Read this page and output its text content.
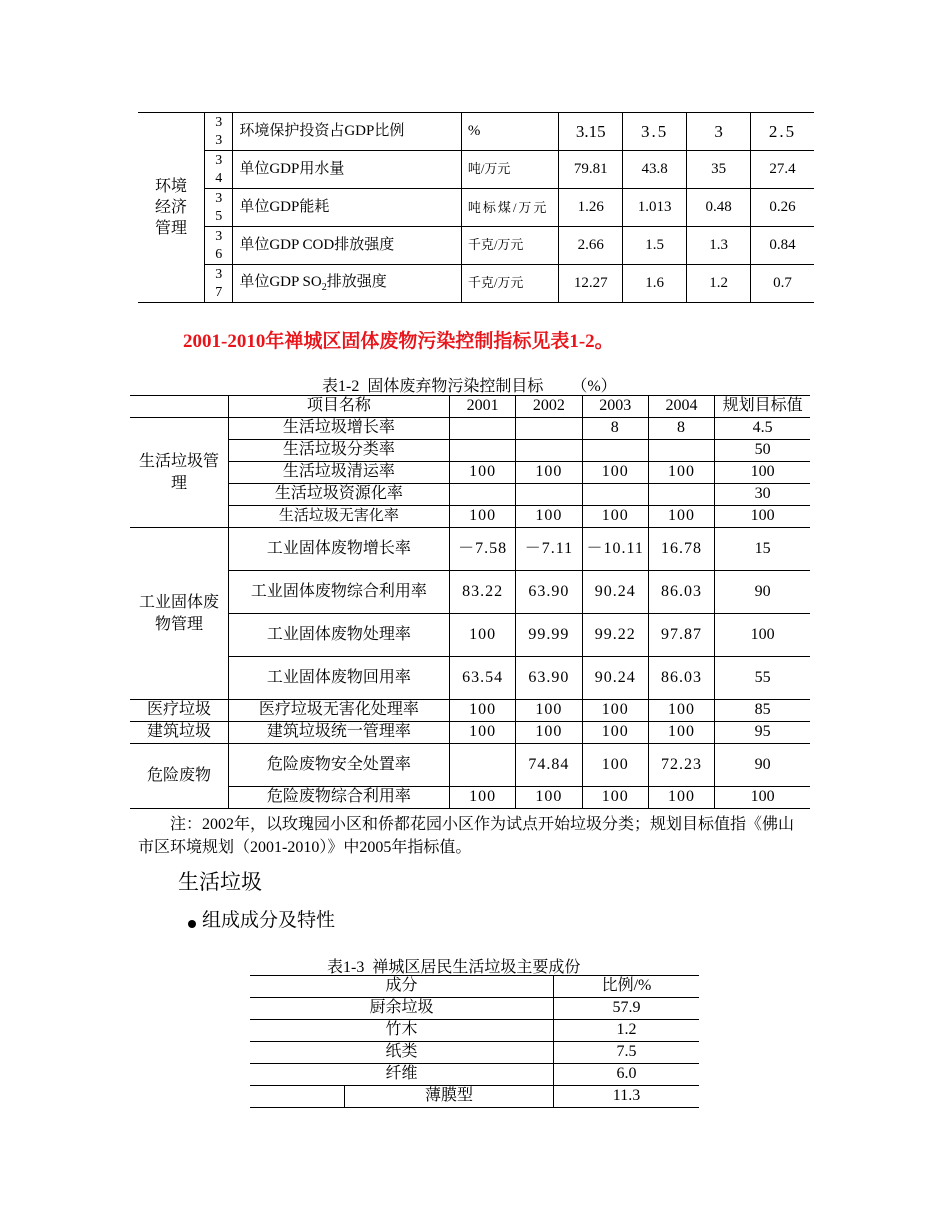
环境经济管理	33	环境保护投资占GDP比例	%	3.15	3.5	3	2.5
	34	单位GDP用水量	吨/万元	79.81	43.8	35	27.4
	35	单位GDP能耗	吨标煤/万元	1.26	1.013	0.48	0.26
	36	单位GDP COD排放强度	千克/万元	2.66	1.5	1.3	0.84
	37	单位GDP $SO_2$排放强度	千克/万元	12.27	1.6	1.2	0.7
2001-2010年禅城区固体废物污染控制指标见表1-2。
表1-2  固体废弃物污染控制目标       （%）
	项目名称	2001	2002	2003	2004	规划目标值
生活垃圾管理	生活垃圾增长率			8	8	4.5
	生活垃圾分类率					50
	生活垃圾清运率	100	100	100	100	100
	生活垃圾资源化率					30
	生活垃圾无害化率	100	100	100	100	100
工业固体废物管理	工业固体废物增长率	－7.58	－7.11	－10.11	16.78	15
	工业固体废物综合利用率	83.22	63.90	90.24	86.03	90
	工业固体废物处理率	100	99.99	99.22	97.87	100
	工业固体废物回用率	63.54	63.90	90.24	86.03	55
医疗垃圾	医疗垃圾无害化处理率	100	100	100	100	85
建筑垃圾	建筑垃圾统一管理率	100	100	100	100	95
危险废物	危险废物安全处置率		74.84	100	72.23	90
	危险废物综合利用率	100	100	100	100	100
注：2002年，以玫瑰园小区和侨都花园小区作为试点开始垃圾分类；规划目标值指《佛山市区环境规划（2001-2010）》中2005年指标值。
生活垃圾
组成成分及特性
表1-3  禅城区居民生活垃圾主要成份
成分		比例/%
厨余垃圾		57.9
竹木		1.2
纸类		7.5
纤维		6.0
	薄膜型	11.3
